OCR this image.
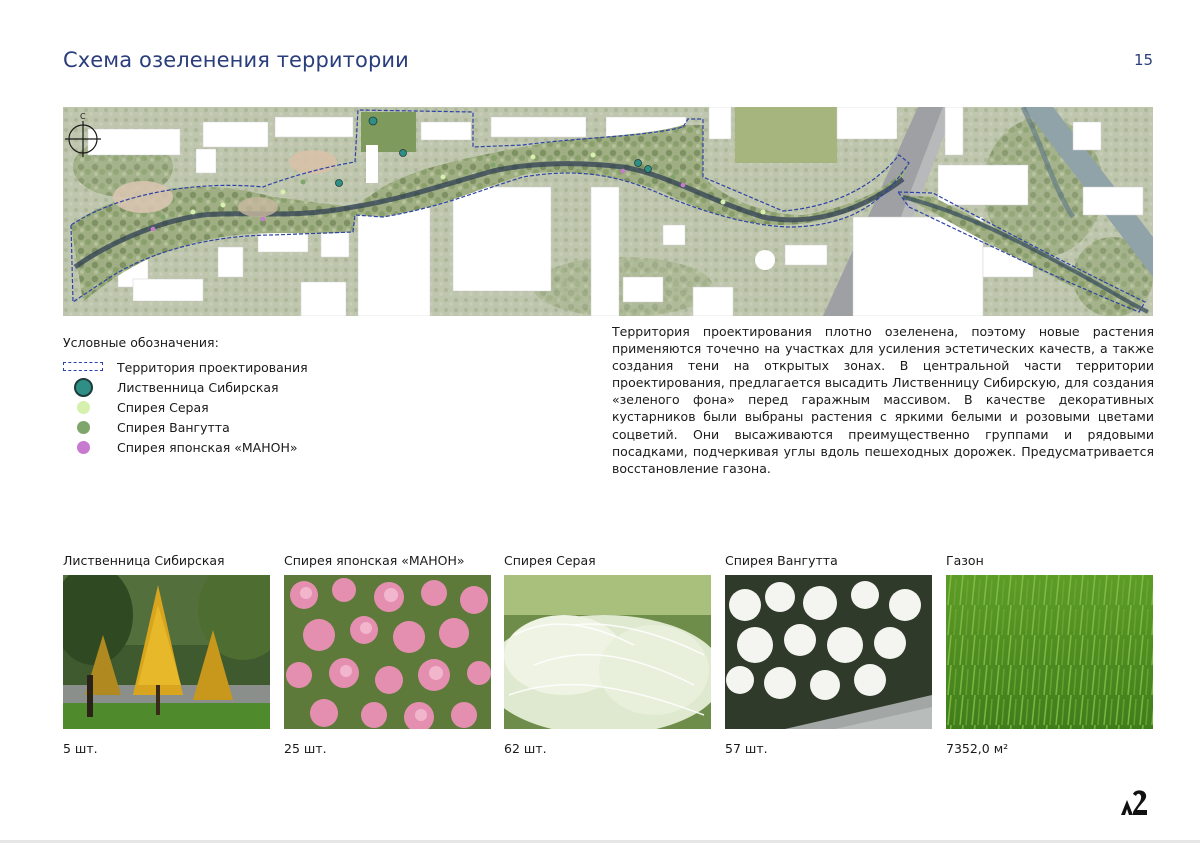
Схема озеленения территории	15
С
Условные обозначения:
Территория проектирования
Лиственница Сибирская
Спирея Серая
Спирея Вангутта
Спирея японская «МАНОН»

Территория проектирования плотно озеленена, поэтому новые растения применяются точечно на участках для усиления эстетических качеств, а также создания тени на открытых зонах. В центральной части территории проектирования, предлагается высадить Лиственницу Сибирскую, для создания «зеленого фона» перед гаражным массивом. В качестве декоративных кустарников были выбраны растения с яркими белыми и розовыми цветами соцветий. Они высаживаются преимущественно группами и рядовыми посадками, подчеркивая углы вдоль пешеходных дорожек. Предусматривается восстановление газона.

Лиственница Сибирская
5 шт.
Спирея японская «МАНОН»
25 шт.
Спирея Серая
62 шт.
Спирея Вангутта
57 шт.
Газон
7352,0 м²
